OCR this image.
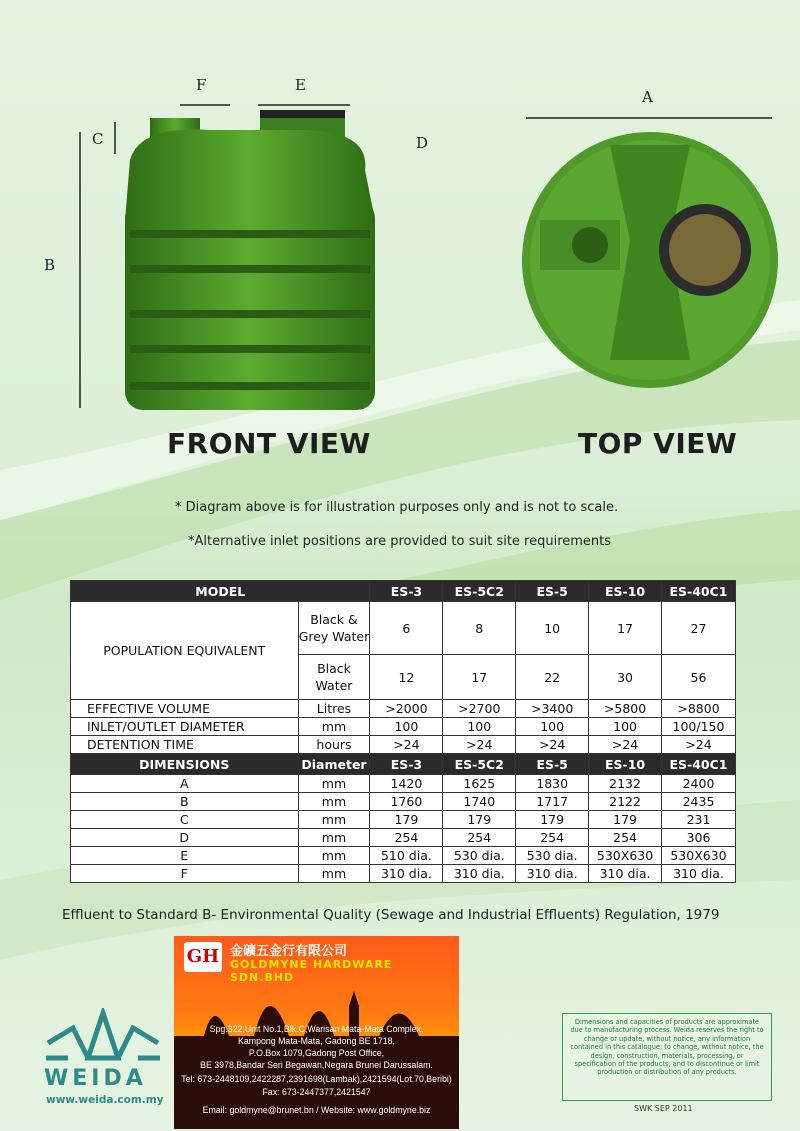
F	E
C	D
B
A
FRONT VIEW	TOP VIEW
* Diagram above is for illustration purposes only and is not to scale.
*Alternative inlet positions are provided to suit site requirements
MODEL		ES-3	ES-5C2	ES-5	ES-10	ES-40C1
POPULATION EQUIVALENT	Black & Grey Water	6	8	10	17	27
	Black Water	12	17	22	30	56
EFFECTIVE VOLUME	Litres	>2000	>2700	>3400	>5800	>8800
INLET/OUTLET DIAMETER	mm	100	100	100	100	100/150
DETENTION TIME	hours	>24	>24	>24	>24	>24
DIMENSIONS	Diameter	ES-3	ES-5C2	ES-5	ES-10	ES-40C1
A	mm	1420	1625	1830	2132	2400
B	mm	1760	1740	1717	2122	2435
C	mm	179	179	179	179	231
D	mm	254	254	254	254	306
E	mm	510 dia.	530 dia.	530 dia.	530X630	530X630
F	mm	310 dia.	310 dia.	310 dia.	310 dia.	310 dia.
Effluent to Standard B- Environmental Quality (Sewage and Industrial Effluents) Regulation, 1979
GH 金礦五金行有限公司
GOLDMYNE HARDWARE SDN.BHD
Spg.322,Unit No.1,Blk.C,Warisan Mata-Mata Complex,
Kampong Mata-Mata, Gadong BE 1718,
P.O.Box 1079,Gadong Post Office,
BE 3978,Bandar Seri Begawan,Negara Brunei Darussalam.
Tel: 673-2448109,2422287,2391698(Lambak),2421594(Lot.70,Beribi)
Fax: 673-2447377,2421547
Email: goldmyne@brunet.bn / Website: www.goldmyne.biz
WEIDA
www.weida.com.my
Dimensions and capacities of products are approximate due to manufacturing process. Weida reserves the right to change or update, without notice, any information contained in this catalogue; to change, without notice, the design, construction, materials, processing, or specification of the products; and to discontinue or limit production or distribution of any products.
SWK SEP 2011
